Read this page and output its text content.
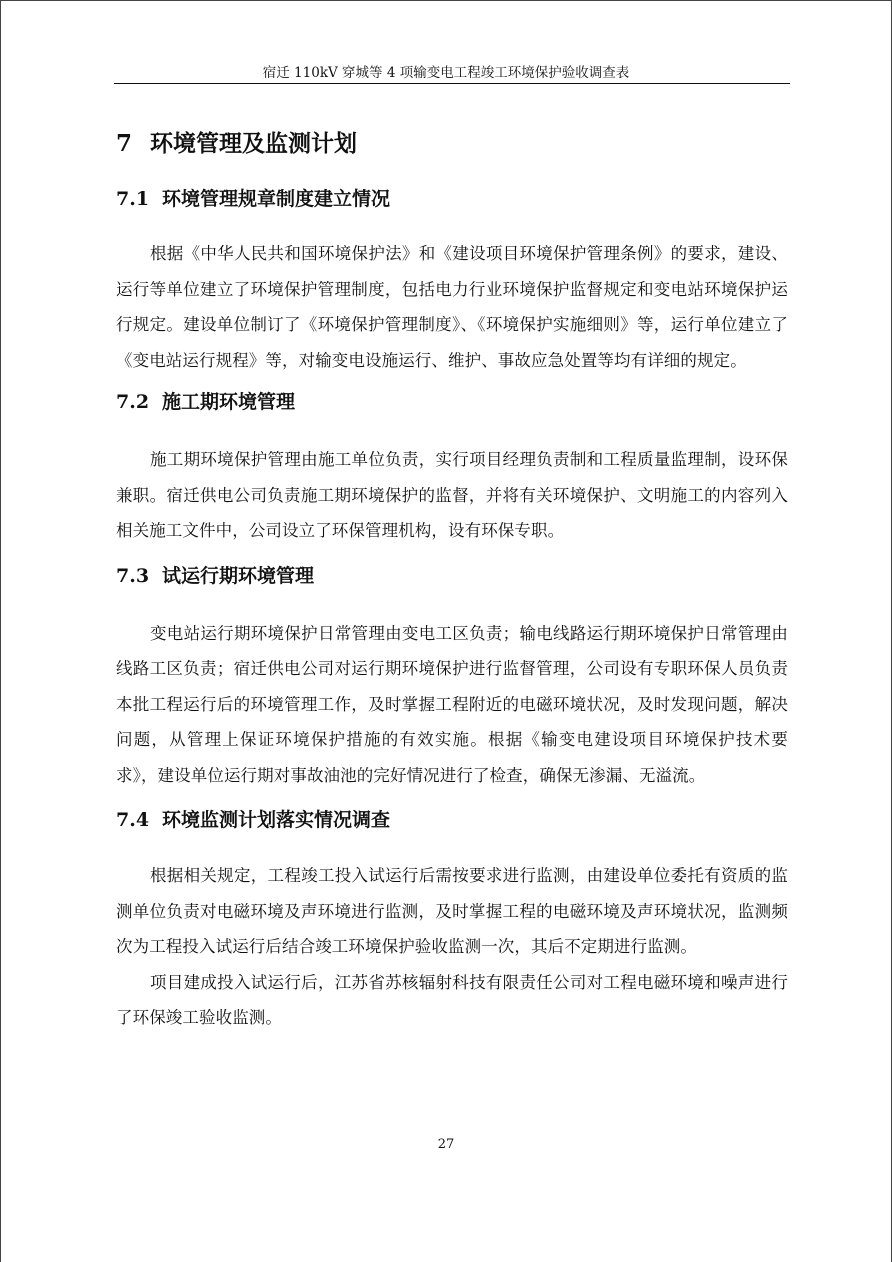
宿迁 110kV 穿城等 4 项输变电工程竣工环境保护验收调查表
7 环境管理及监测计划
7.1 环境管理规章制度建立情况

根据《中华人民共和国环境保护法》和《建设项目环境保护管理条例》的要求，建设、运行等单位建立了环境保护管理制度，包括电力行业环境保护监督规定和变电站环境保护运行规定。建设单位制订了《环境保护管理制度》、《环境保护实施细则》等，运行单位建立了《变电站运行规程》等，对输变电设施运行、维护、事故应急处置等均有详细的规定。

7.2 施工期环境管理

施工期环境保护管理由施工单位负责，实行项目经理负责制和工程质量监理制，设环保兼职。宿迁供电公司负责施工期环境保护的监督，并将有关环境保护、文明施工的内容列入相关施工文件中，公司设立了环保管理机构，设有环保专职。

7.3 试运行期环境管理

变电站运行期环境保护日常管理由变电工区负责；输电线路运行期环境保护日常管理由线路工区负责；宿迁供电公司对运行期环境保护进行监督管理，公司设有专职环保人员负责本批工程运行后的环境管理工作，及时掌握工程附近的电磁环境状况，及时发现问题，解决问题，从管理上保证环境保护措施的有效实施。根据《输变电建设项目环境保护技术要求》，建设单位运行期对事故油池的完好情况进行了检查，确保无渗漏、无溢流。

7.4 环境监测计划落实情况调查

根据相关规定，工程竣工投入试运行后需按要求进行监测，由建设单位委托有资质的监测单位负责对电磁环境及声环境进行监测，及时掌握工程的电磁环境及声环境状况，监测频次为工程投入试运行后结合竣工环境保护验收监测一次，其后不定期进行监测。

项目建成投入试运行后，江苏省苏核辐射科技有限责任公司对工程电磁环境和噪声进行了环保竣工验收监测。

27
